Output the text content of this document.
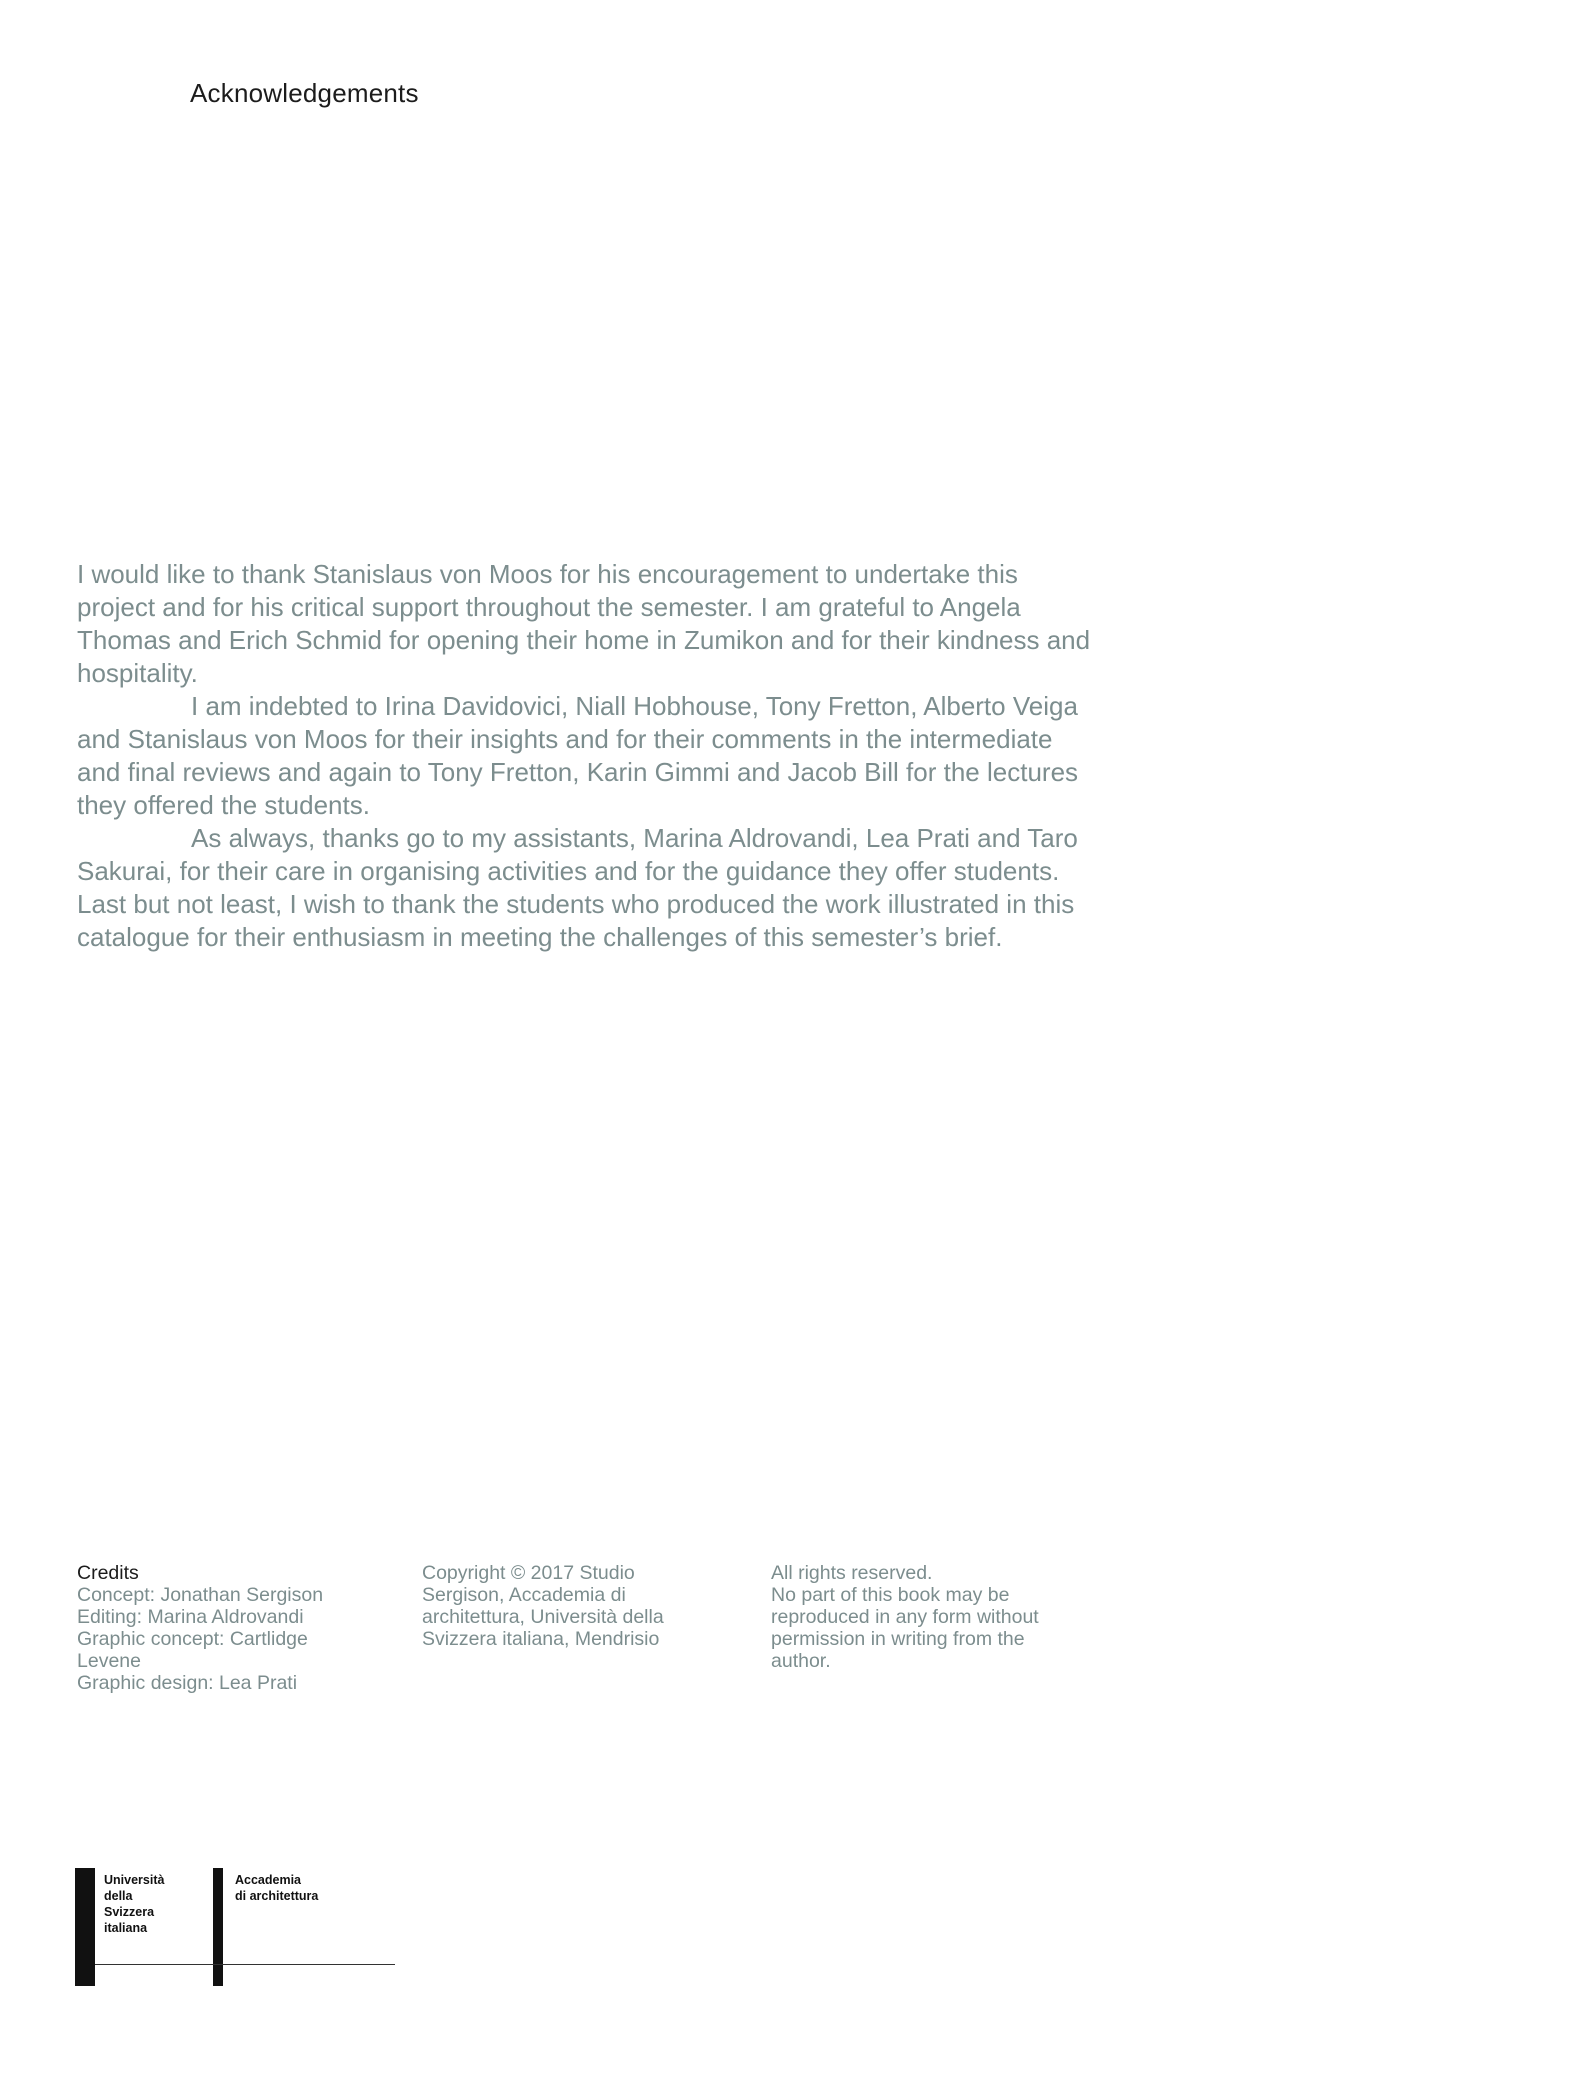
Acknowledgements

I would like to thank Stanislaus von Moos for his encouragement to undertake this project and for his critical support throughout the semester. I am grateful to Angela Thomas and Erich Schmid for opening their home in Zumikon and for their kindness and hospitality.

I am indebted to Irina Davidovici, Niall Hobhouse, Tony Fretton, Alberto Veiga and Stanislaus von Moos for their insights and for their comments in the intermediate and final reviews and again to Tony Fretton, Karin Gimmi and Jacob Bill for the lectures they offered the students.

As always, thanks go to my assistants, Marina Aldrovandi, Lea Prati and Taro Sakurai, for their care in organising activities and for the guidance they offer students. Last but not least, I wish to thank the students who produced the work illustrated in this catalogue for their enthusiasm in meeting the challenges of this semester’s brief.

Credits
Concept: Jonathan Sergison
Editing: Marina Aldrovandi
Graphic concept: Cartlidge
Levene
Graphic design: Lea Prati
Copyright © 2017 Studio
Sergison, Accademia di
architettura, Università della
Svizzera italiana, Mendrisio
All rights reserved.
No part of this book may be
reproduced in any form without
permission in writing from the
author.
Università
della
Svizzera
italiana
Accademia
di architettura
